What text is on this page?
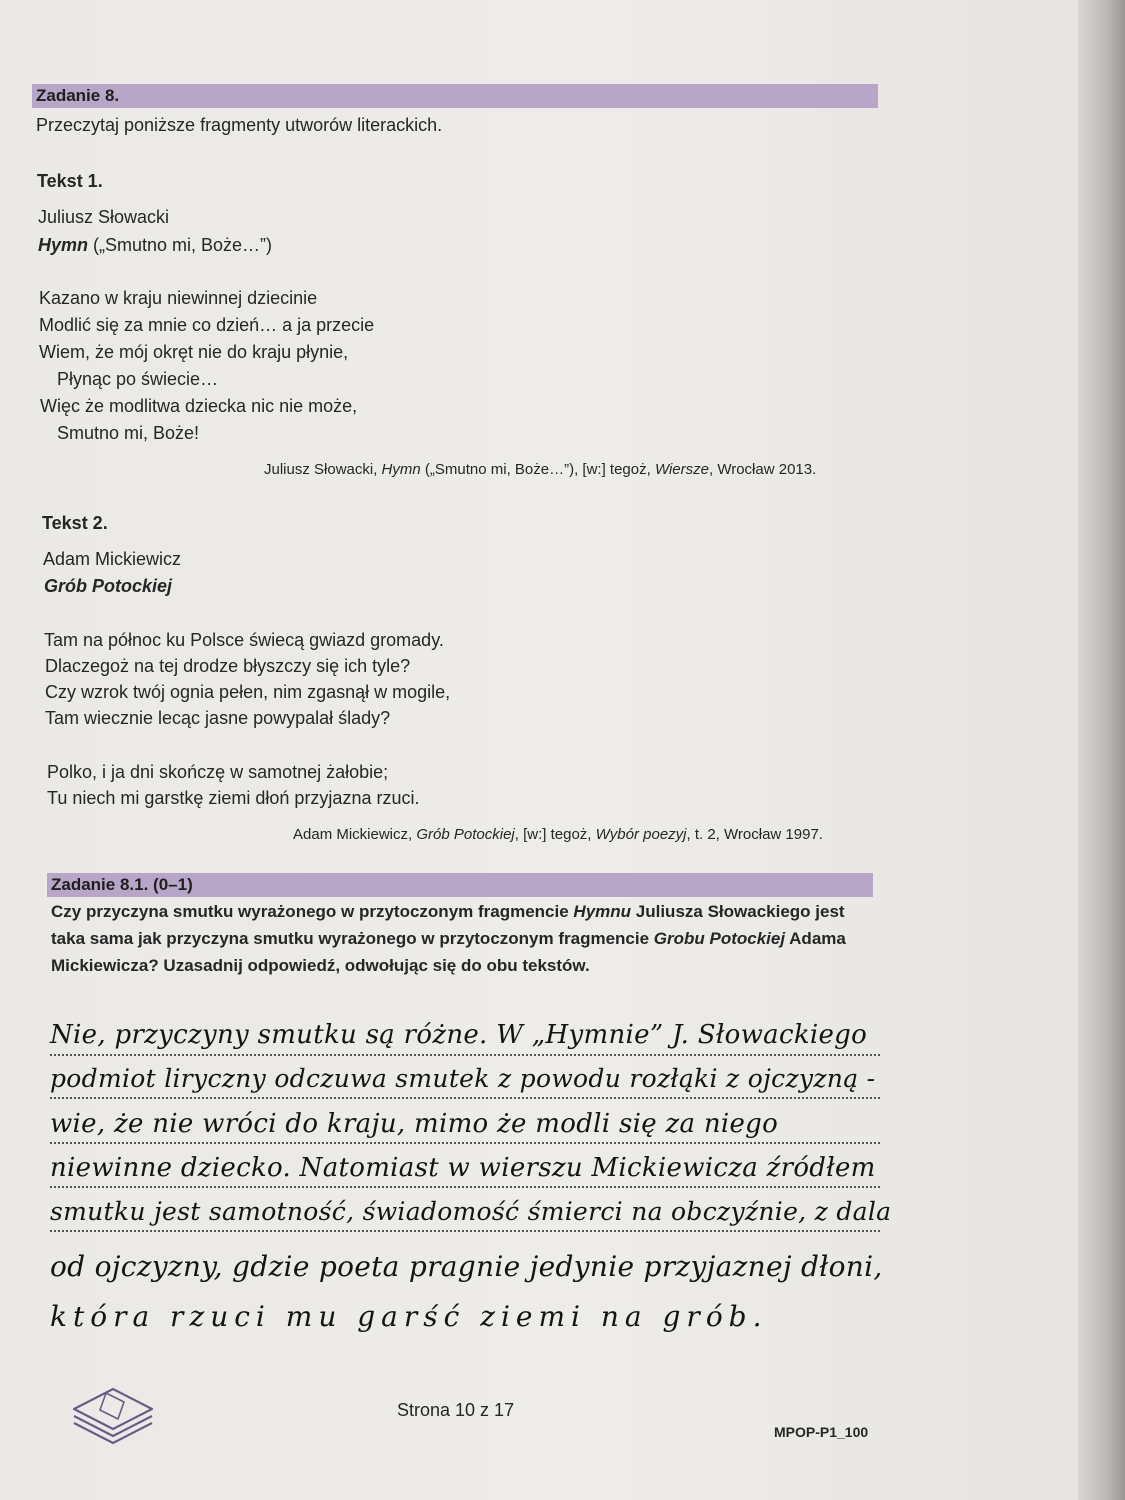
Zadanie 8.
Przeczytaj poniższe fragmenty utworów literackich.
Tekst 1.
Juliusz Słowacki
Hymn („Smutno mi, Boże…”)
Kazano w kraju niewinnej dziecinie
Modlić się za mnie co dzień… a ja przecie
Wiem, że mój okręt nie do kraju płynie,
Płynąc po świecie…
Więc że modlitwa dziecka nic nie może,
Smutno mi, Boże!
Juliusz Słowacki, Hymn („Smutno mi, Boże…”), [w:] tegoż, Wiersze, Wrocław 2013.
Tekst 2.
Adam Mickiewicz
Grób Potockiej
Tam na północ ku Polsce świecą gwiazd gromady.
Dlaczegoż na tej drodze błyszczy się ich tyle?
Czy wzrok twój ognia pełen, nim zgasnął w mogile,
Tam wiecznie lecąc jasne powypalał ślady?
Polko, i ja dni skończę w samotnej żałobie;
Tu niech mi garstkę ziemi dłoń przyjazna rzuci.
Adam Mickiewicz, Grób Potockiej, [w:] tegoż, Wybór poezyj, t. 2, Wrocław 1997.
Zadanie 8.1. (0–1)
Czy przyczyna smutku wyrażonego w przytoczonym fragmencie Hymnu Juliusza Słowackiego jest taka sama jak przyczyna smutku wyrażonego w przytoczonym fragmencie Grobu Potockiej Adama Mickiewicza? Uzasadnij odpowiedź, odwołując się do obu tekstów.
Nie, przyczyny smutku są różne. W „Hymnie” J. Słowackiego
podmiot liryczny odczuwa smutek z powodu rozłąki z ojczyzną -
wie, że nie wróci do kraju, mimo że modli się za niego
niewinne dziecko. Natomiast w wierszu Mickiewicza źródłem
smutku jest samotność, świadomość śmierci na obczyźnie, z dala
od ojczyzny, gdzie poeta pragnie jedynie przyjaznej dłoni,
która rzuci mu garść ziemi na grób.
Strona 10 z 17
MPOP-P1_100
